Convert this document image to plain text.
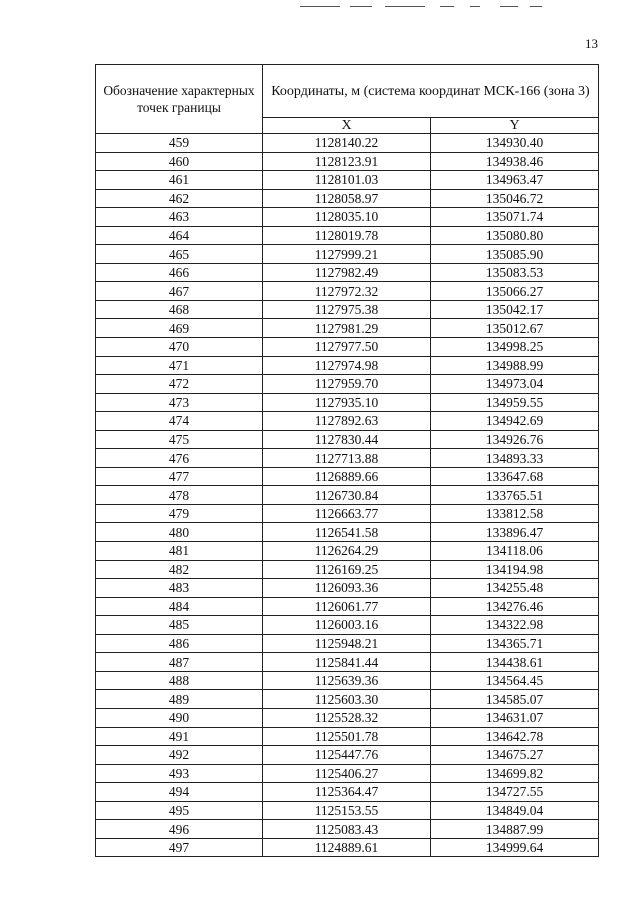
13
Обозначение характерных точек границы	Координаты, м (система координат МСК-166 (зона 3)	
	X	Y
459	1128140.22	134930.40
460	1128123.91	134938.46
461	1128101.03	134963.47
462	1128058.97	135046.72
463	1128035.10	135071.74
464	1128019.78	135080.80
465	1127999.21	135085.90
466	1127982.49	135083.53
467	1127972.32	135066.27
468	1127975.38	135042.17
469	1127981.29	135012.67
470	1127977.50	134998.25
471	1127974.98	134988.99
472	1127959.70	134973.04
473	1127935.10	134959.55
474	1127892.63	134942.69
475	1127830.44	134926.76
476	1127713.88	134893.33
477	1126889.66	133647.68
478	1126730.84	133765.51
479	1126663.77	133812.58
480	1126541.58	133896.47
481	1126264.29	134118.06
482	1126169.25	134194.98
483	1126093.36	134255.48
484	1126061.77	134276.46
485	1126003.16	134322.98
486	1125948.21	134365.71
487	1125841.44	134438.61
488	1125639.36	134564.45
489	1125603.30	134585.07
490	1125528.32	134631.07
491	1125501.78	134642.78
492	1125447.76	134675.27
493	1125406.27	134699.82
494	1125364.47	134727.55
495	1125153.55	134849.04
496	1125083.43	134887.99
497	1124889.61	134999.64
